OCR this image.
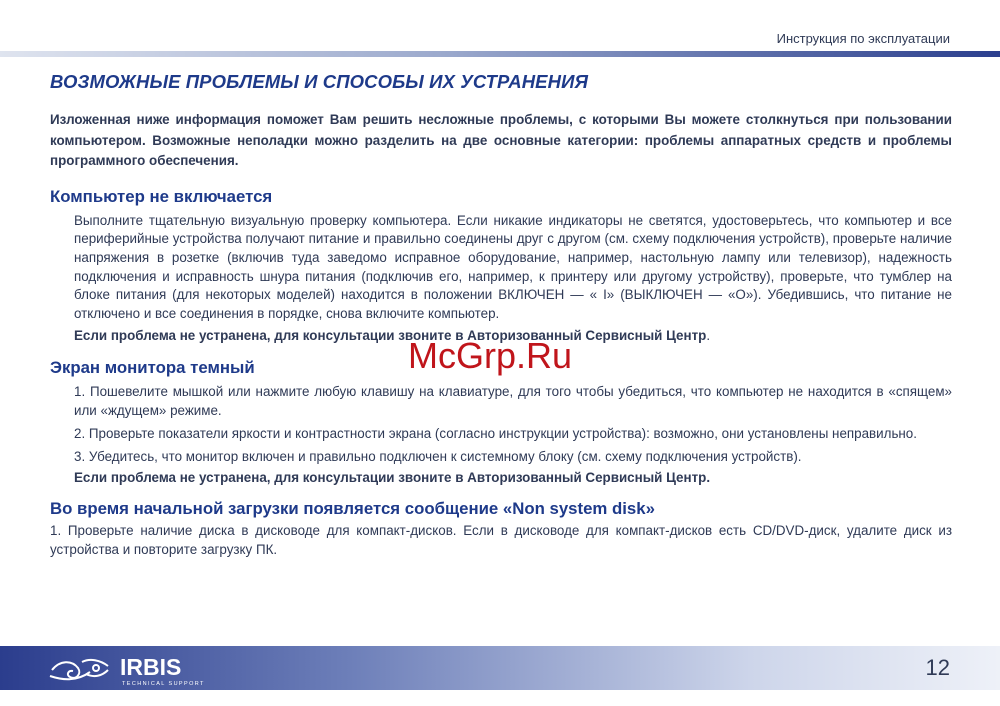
Инструкция по эксплуатации
ВОЗМОЖНЫЕ ПРОБЛЕМЫ И СПОСОБЫ ИХ УСТРАНЕНИЯ

Изложенная ниже информация поможет Вам решить несложные проблемы, с которыми Вы можете столкнуться при пользовании компьютером. Возможные неполадки можно разделить на две основные категории: проблемы аппаратных средств и проблемы программного обеспечения.

Компьютер не включается

Выполните тщательную визуальную проверку компьютера. Если никакие индикаторы не светятся, удостоверьтесь, что компьютер и все периферийные устройства получают питание и правильно соединены друг с другом (см. схему подключения устройств), проверьте наличие напряжения в розетке (включив туда заведомо исправное оборудование, например, настольную лампу или телевизор), надежность подключения и исправность шнура питания (подключив его, например, к принтеру или другому устройству), проверьте, что тумблер на блоке питания (для некоторых моделей) находится в положении ВКЛЮЧЕН — « I» (ВЫКЛЮЧЕН — «O»). Убедившись, что питание не отключено и все соединения в порядке, снова включите компьютер.

Если проблема не устранена, для консультации звоните в Авторизованный Сервисный Центр.

Экран монитора темный

1. Пошевелите мышкой или нажмите любую клавишу на клавиатуре, для того чтобы убедиться, что компьютер не находится в «спящем» или «ждущем» режиме.

2. Проверьте показатели яркости и контрастности экрана (согласно инструкции устройства): возможно, они установлены неправильно.

3. Убедитесь, что монитор включен и правильно подключен к системному блоку (см. схему подключения устройств).

Если проблема не устранена, для консультации звоните в Авторизованный Сервисный Центр.

Во время начальной загрузки появляется сообщение «Non system disk»

1. Проверьте наличие диска в дисководе для компакт-дисков. Если в дисководе для компакт-дисков есть CD/DVD-диск, удалите диск из устройства и повторите загрузку ПК.

McGrp.Ru
IRBIS
TECHNICAL SUPPORT
12
